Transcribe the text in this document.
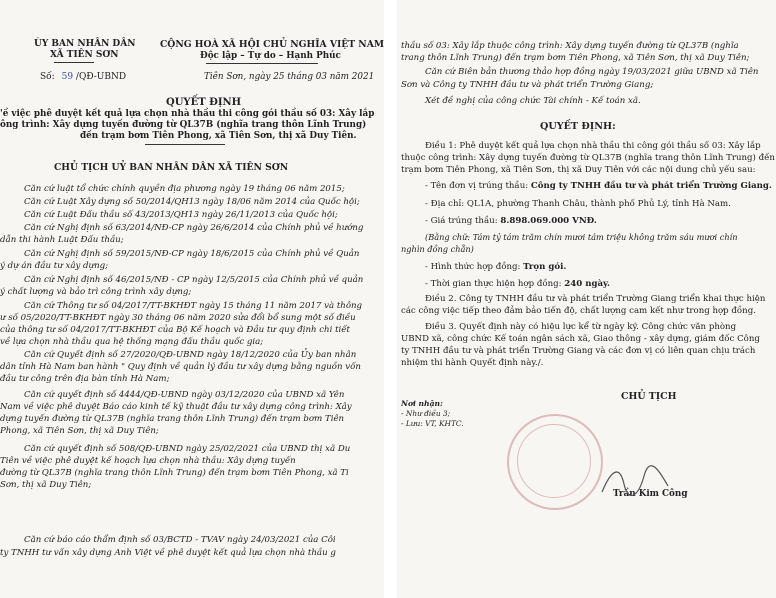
ÙY BAN NHÂN DÂN
XÃ TIÊN SƠN
CỘNG HOÀ XÃ HỘI CHỦ NGHĨA VIỆT NAM
Độc lập – Tự do – Hạnh Phúc
Số: 59 /QĐ-UBND	Tiên Sơn, ngày 25 tháng 03 năm 2021
QUYẾT ĐỊNH
'ề việc phê duyệt kết quả lựa chọn nhà thầu thi công gói thầu số 03: Xây lắp
ông trình: Xây dựng tuyến đường từ QL37B (nghĩa trang thôn Lĩnh Trung)
đến trạm bơm Tiên Phong, xã Tiên Sơn, thị xã Duy Tiên.
CHỦ TỊCH UỶ BAN NHÂN DÂN XÃ TIÊN SƠN
Căn cứ luật tổ chức chính quyền địa phương ngày 19 tháng 06 năm 2015;
Căn cứ Luật Xây dựng số 50/2014/QH13 ngày 18/06 năm 2014 của Quốc hội;
Căn cứ Luật Đấu thầu số 43/2013/QH13 ngày 26/11/2013 của Quốc hội;
Căn cứ Nghị định số 63/2014/NĐ-CP ngày 26/6/2014 của Chính phủ về hướng
dẫn thi hành Luật Đấu thầu;
Căn cứ Nghị định số 59/2015/NĐ-CP ngày 18/6/2015 của Chính phủ về Quản
ý dự án đầu tư xây dựng;
Căn cứ Nghị định số 46/2015/NĐ - CP ngày 12/5/2015 của Chính phủ về quản
ý chất lượng và bảo trì công trình xây dựng;
Căn cứ Thông tư số 04/2017/TT-BKHĐT ngày 15 tháng 11 năm 2017 và thông
ư số 05/2020/TT-BKHĐT ngày 30 tháng 06 năm 2020 sửa đổi bổ sung một số điều
của thông tư số 04/2017/TT-BKHĐT của Bộ Kế hoạch và Đầu tư quy định chi tiết
về lựa chọn nhà thầu qua hệ thống mạng đấu thầu quốc gia;
Căn cứ Quyết định số 27/2020/QĐ-UBND ngày 18/12/2020 của Ủy ban nhân
dân tỉnh Hà Nam ban hành " Quy định về quản lý đầu tư xây dựng bằng nguồn vốn
đầu tư công trên địa bàn tỉnh Hà Nam;
Căn cứ quyết định số 4444/QĐ-UBND ngày 03/12/2020 của UBND xã Yên
Nam về việc phê duyệt Báo cáo kinh tế kỹ thuật đầu tư xây dựng công trình: Xây
dựng tuyến đường từ QL37B (nghĩa trang thôn Lĩnh Trung) đến trạm bơm Tiên
Phong, xã Tiên Sơn, thị xã Duy Tiên;
Căn cứ quyết định số 508/QĐ-UBND ngày 25/02/2021 của UBND thị xã Du
Tiên về việc phê duyệt kế hoạch lựa chọn nhà thầu: Xây dựng tuyến
đường từ QL37B (nghĩa trang thôn Lĩnh Trung) đến trạm bơm Tiên Phong, xã Ti
Sơn, thị xã Duy Tiên;
Căn cứ báo cáo thẩm định số 03/BCTD - TVAV ngày 24/03/2021 của Côi
ty TNHH tư vấn xây dựng Anh Việt về phê duyệt kết quả lựa chọn nhà thầu g
thầu số 03: Xây lắp thuộc công trình: Xây dựng tuyến đường từ QL37B (nghĩa
trang thôn Lĩnh Trung) đến trạm bơm Tiên Phong, xã Tiên Sơn, thị xã Duy Tiên;
Căn cứ Biên bản thương thảo hợp đồng ngày 19/03/2021 giữa UBND xã Tiên
Sơn và Công ty TNHH đầu tư và phát triển Trường Giang;
Xét đề nghị của công chức Tài chính - Kế toán xã.
QUYẾT ĐỊNH:
Điều 1: Phê duyệt kết quả lựa chọn nhà thầu thi công gói thầu số 03: Xây lắp
thuộc công trình: Xây dựng tuyến đường từ QL37B (nghĩa trang thôn Lĩnh Trung) đến
trạm bơm Tiên Phong, xã Tiên Sơn, thị xã Duy Tiên với các nội dung chủ yếu sau:
- Tên đơn vị trúng thầu: Công ty TNHH đầu tư và phát triển Trường Giang.
- Địa chỉ: QL1A, phường Thanh Châu, thành phố Phủ Lý, tỉnh Hà Nam.
- Giá trúng thầu: 8.898.069.000 VNĐ.
(Bằng chữ: Tám tỷ tám trăm chín mươi tám triệu không trăm sáu mươi chín
nghìn đồng chẵn)
- Hình thức hợp đồng: Trọn gói.
- Thời gian thực hiện hợp đồng: 240 ngày.
Điều 2. Công ty TNHH đầu tư và phát triển Trường Giang triển khai thực hiện
các công việc tiếp theo đảm bảo tiến độ, chất lượng cam kết như trong hợp đồng.
Điều 3. Quyết định này có hiệu lực kể từ ngày ký. Công chức văn phòng
UBND xã, công chức Kế toán ngân sách xã, Giao thông - xây dựng, giám đốc Công
ty TNHH đầu tư và phát triển Trường Giang và các đơn vị có liên quan chịu trách
nhiệm thi hành Quyết định này./.
Nơi nhận:
- Như điều 3;
- Lưu: VT, KHTC.
CHỦ TỊCH
Trần Kim Công
